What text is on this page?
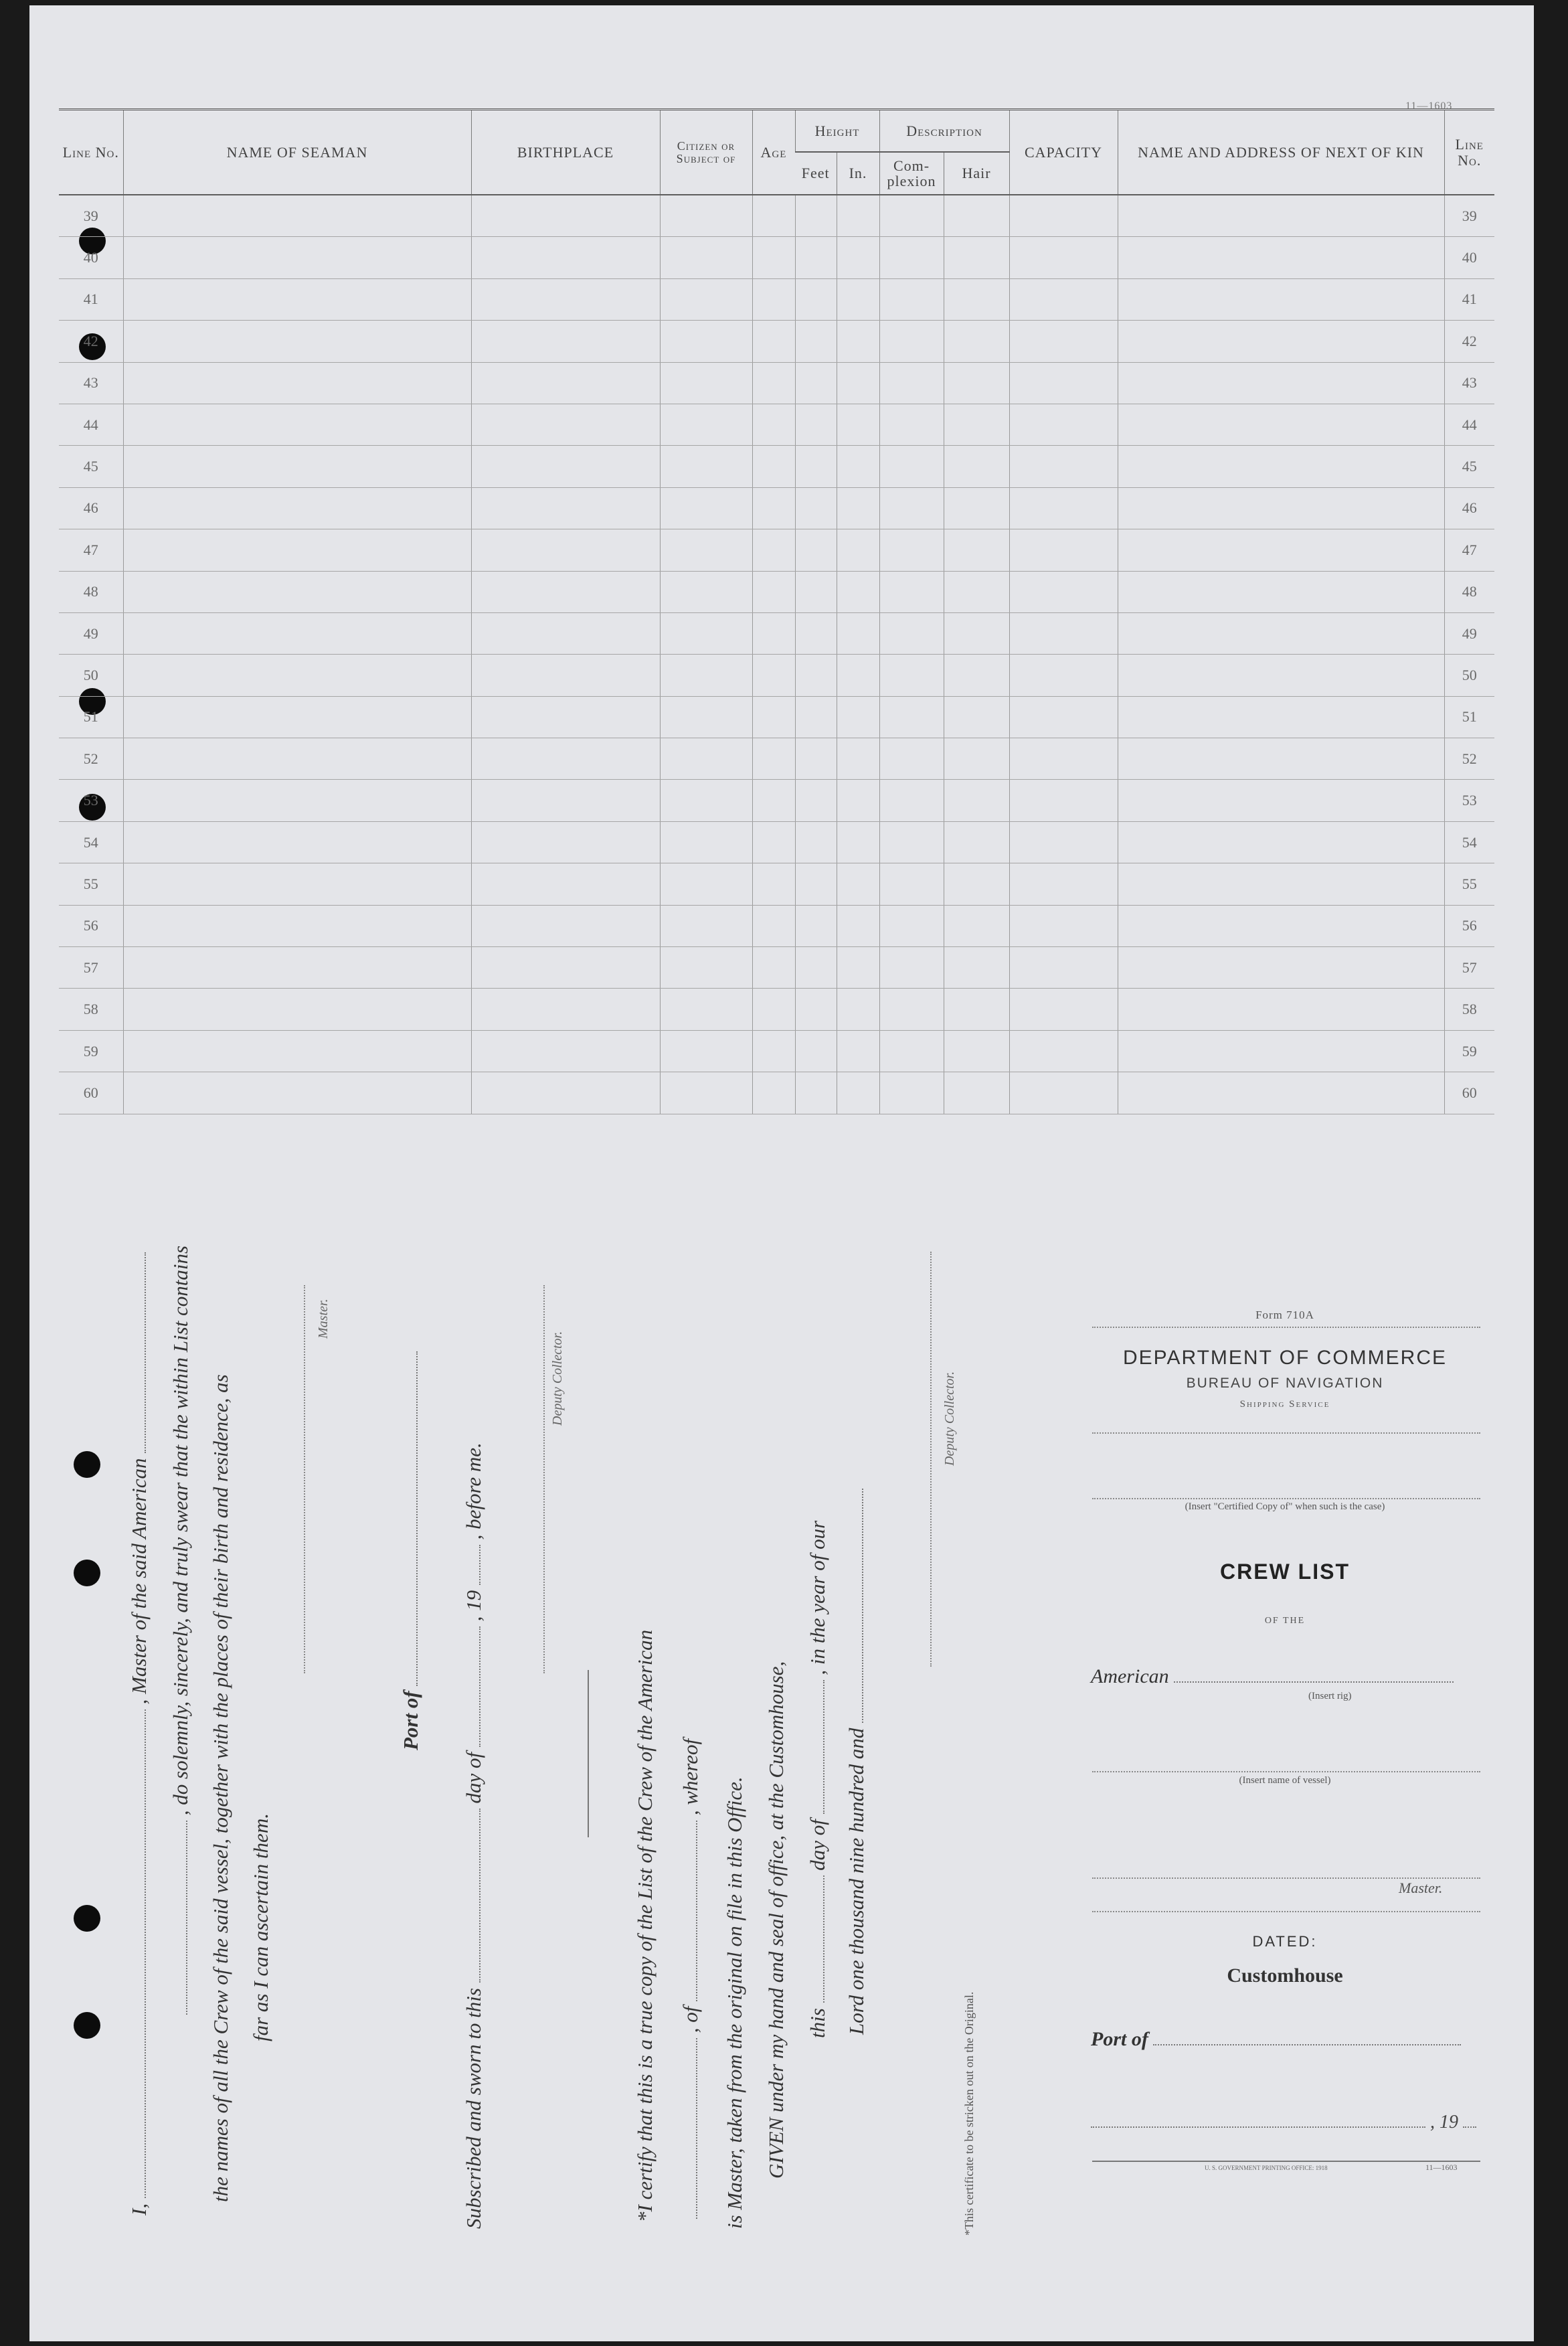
11—1603
Line No.	NAME OF SEAMAN	BIRTHPLACE	Citizen or Subject of	Age	Height		Description		CAPACITY	NAME AND ADDRESS OF NEXT OF KIN	Line No.
					Feet	In.	Com- plexion	Hair			
39											39
40											40
41											41
42											42
43											43
44											44
45											45
46											46
47											47
48											48
49											49
50											50
51											51
52											52
53											53
54											54
55											55
56											56
57											57
58											58
59											59
60											60
I,  , Master of the said American , do solemnly, sincerely, and truly swear that the within List contains the names of all the Crew of the said vessel, together with the places of their birth and residence, as far as I can ascertain them.
Master.
Port of
Subscribed and sworn to this  day of  , 19  , before me.
Deputy Collector.
*I certify that this is a true copy of the List of the Crew of the American , of  , whereof is Master, taken from the original on file in this Office. GIVEN under my hand and seal of office, at the Customhouse, this  day of  , in the year of our
Lord one thousand nine hundred and
Deputy Collector.
*This certificate to be stricken out on the Original.
Form 710A
DEPARTMENT OF COMMERCE
BUREAU OF NAVIGATION
Shipping Service
(Insert "Certified Copy of" when such is the case)
CREW LIST
OF THE
American
(Insert rig)
(Insert name of vessel)
Master.
DATED:
Customhouse
Port of
, 19
U. S. GOVERNMENT PRINTING OFFICE: 1918	11—1603
